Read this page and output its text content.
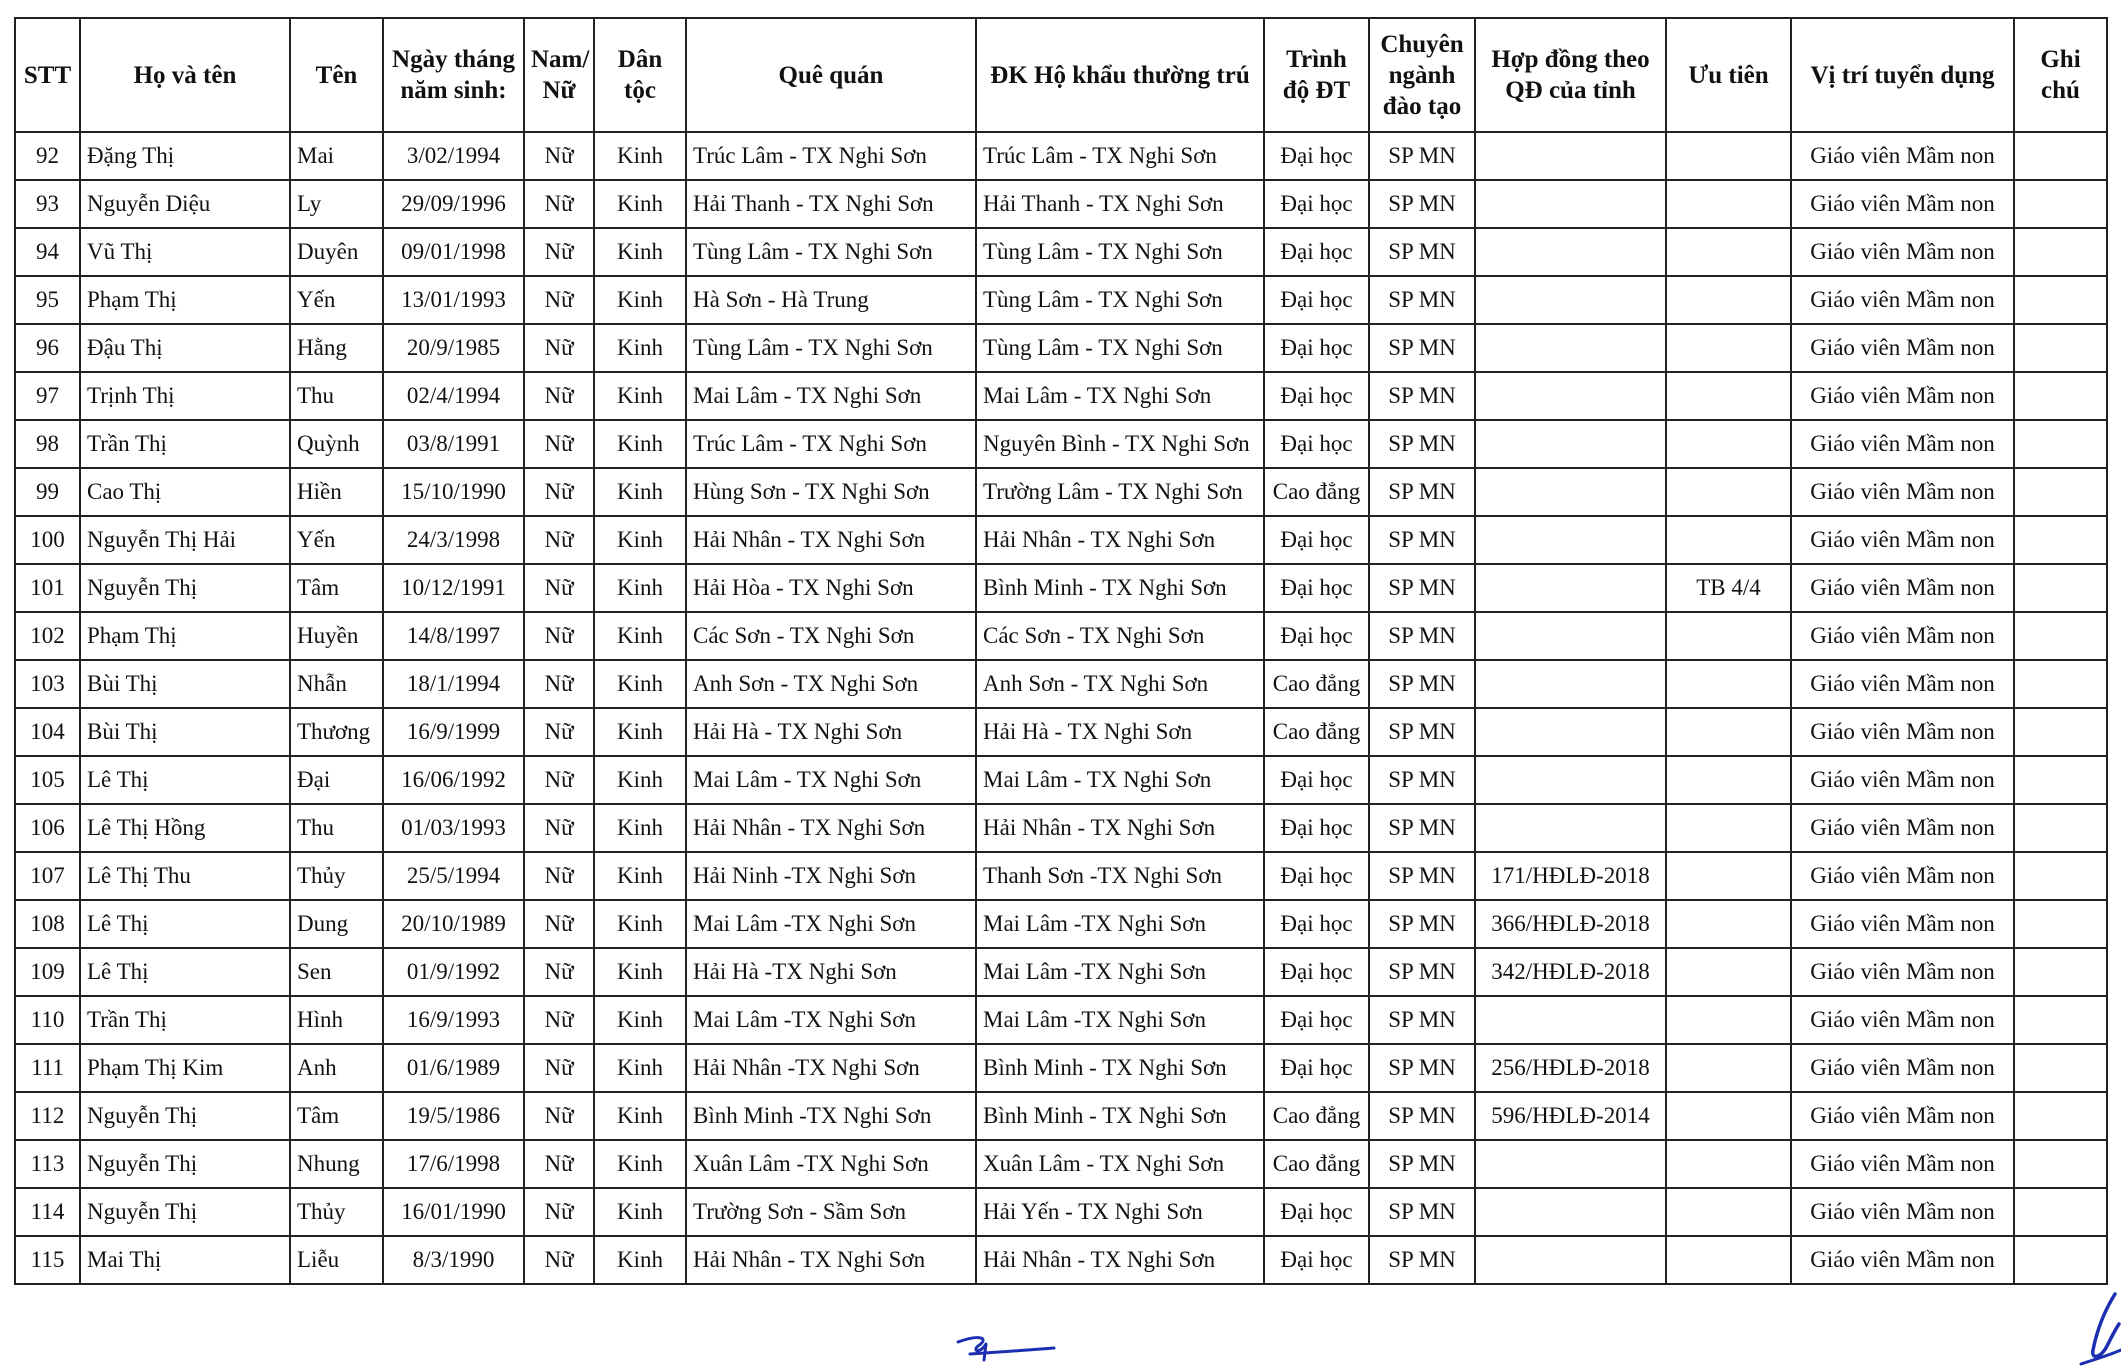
STT	Họ và tên	Tên	Ngày tháng năm sinh:	Nam/ Nữ	Dân tộc	Quê quán	ĐK Hộ khẩu thường trú	Trình độ ĐT	Chuyên ngành đào tạo	Hợp đồng theo QĐ của tỉnh	Ưu tiên	Vị trí tuyển dụng	Ghi chú
92	Đặng Thị	Mai	3/02/1994	Nữ	Kinh	Trúc Lâm - TX Nghi Sơn	Trúc Lâm - TX Nghi Sơn	Đại học	SP MN			Giáo viên Mầm non	
93	Nguyễn Diệu	Ly	29/09/1996	Nữ	Kinh	Hải Thanh - TX Nghi Sơn	Hải Thanh - TX Nghi Sơn	Đại học	SP MN			Giáo viên Mầm non	
94	Vũ Thị	Duyên	09/01/1998	Nữ	Kinh	Tùng Lâm - TX Nghi Sơn	Tùng Lâm - TX Nghi Sơn	Đại học	SP MN			Giáo viên Mầm non	
95	Phạm Thị	Yến	13/01/1993	Nữ	Kinh	Hà Sơn - Hà Trung	Tùng Lâm - TX Nghi Sơn	Đại học	SP MN			Giáo viên Mầm non	
96	Đậu Thị	Hằng	20/9/1985	Nữ	Kinh	Tùng Lâm - TX Nghi Sơn	Tùng Lâm - TX Nghi Sơn	Đại học	SP MN			Giáo viên Mầm non	
97	Trịnh Thị	Thu	02/4/1994	Nữ	Kinh	Mai Lâm - TX Nghi Sơn	Mai Lâm - TX Nghi Sơn	Đại học	SP MN			Giáo viên Mầm non	
98	Trần Thị	Quỳnh	03/8/1991	Nữ	Kinh	Trúc Lâm - TX Nghi Sơn	Nguyên Bình - TX Nghi Sơn	Đại học	SP MN			Giáo viên Mầm non	
99	Cao Thị	Hiền	15/10/1990	Nữ	Kinh	Hùng Sơn - TX Nghi Sơn	Trường Lâm - TX Nghi Sơn	Cao đẳng	SP MN			Giáo viên Mầm non	
100	Nguyễn Thị Hải	Yến	24/3/1998	Nữ	Kinh	Hải Nhân - TX Nghi Sơn	Hải Nhân - TX Nghi Sơn	Đại học	SP MN			Giáo viên Mầm non	
101	Nguyễn Thị	Tâm	10/12/1991	Nữ	Kinh	Hải Hòa - TX Nghi Sơn	Bình Minh - TX Nghi Sơn	Đại học	SP MN		TB 4/4	Giáo viên Mầm non	
102	Phạm Thị	Huyền	14/8/1997	Nữ	Kinh	Các Sơn - TX Nghi Sơn	Các Sơn - TX Nghi Sơn	Đại học	SP MN			Giáo viên Mầm non	
103	Bùi Thị	Nhẫn	18/1/1994	Nữ	Kinh	Anh Sơn - TX Nghi Sơn	Anh Sơn - TX Nghi Sơn	Cao đẳng	SP MN			Giáo viên Mầm non	
104	Bùi Thị	Thương	16/9/1999	Nữ	Kinh	Hải Hà - TX Nghi Sơn	Hải Hà - TX Nghi Sơn	Cao đẳng	SP MN			Giáo viên Mầm non	
105	Lê Thị	Đại	16/06/1992	Nữ	Kinh	Mai Lâm - TX Nghi Sơn	Mai Lâm - TX Nghi Sơn	Đại học	SP MN			Giáo viên Mầm non	
106	Lê Thị Hồng	Thu	01/03/1993	Nữ	Kinh	Hải Nhân - TX Nghi Sơn	Hải Nhân - TX Nghi Sơn	Đại học	SP MN			Giáo viên Mầm non	
107	Lê Thị Thu	Thủy	25/5/1994	Nữ	Kinh	Hải Ninh -TX Nghi Sơn	Thanh Sơn -TX Nghi Sơn	Đại học	SP MN	171/HĐLĐ-2018		Giáo viên Mầm non	
108	Lê Thị	Dung	20/10/1989	Nữ	Kinh	Mai Lâm -TX Nghi Sơn	Mai Lâm -TX Nghi Sơn	Đại học	SP MN	366/HĐLĐ-2018		Giáo viên Mầm non	
109	Lê Thị	Sen	01/9/1992	Nữ	Kinh	Hải Hà -TX Nghi Sơn	Mai Lâm -TX Nghi Sơn	Đại học	SP MN	342/HĐLĐ-2018		Giáo viên Mầm non	
110	Trần Thị	Hình	16/9/1993	Nữ	Kinh	Mai Lâm -TX Nghi Sơn	Mai Lâm -TX Nghi Sơn	Đại học	SP MN			Giáo viên Mầm non	
111	Phạm Thị Kim	Anh	01/6/1989	Nữ	Kinh	Hải Nhân -TX Nghi Sơn	Bình Minh - TX Nghi Sơn	Đại học	SP MN	256/HĐLĐ-2018		Giáo viên Mầm non	
112	Nguyễn Thị	Tâm	19/5/1986	Nữ	Kinh	Bình Minh -TX Nghi Sơn	Bình Minh - TX Nghi Sơn	Cao đẳng	SP MN	596/HĐLĐ-2014		Giáo viên Mầm non	
113	Nguyễn Thị	Nhung	17/6/1998	Nữ	Kinh	Xuân Lâm -TX Nghi Sơn	Xuân Lâm - TX Nghi Sơn	Cao đẳng	SP MN			Giáo viên Mầm non	
114	Nguyễn Thị	Thủy	16/01/1990	Nữ	Kinh	Trường Sơn - Sầm Sơn	Hải Yến - TX Nghi Sơn	Đại học	SP MN			Giáo viên Mầm non	
115	Mai Thị	Liễu	8/3/1990	Nữ	Kinh	Hải Nhân - TX Nghi Sơn	Hải Nhân - TX Nghi Sơn	Đại học	SP MN			Giáo viên Mầm non	
